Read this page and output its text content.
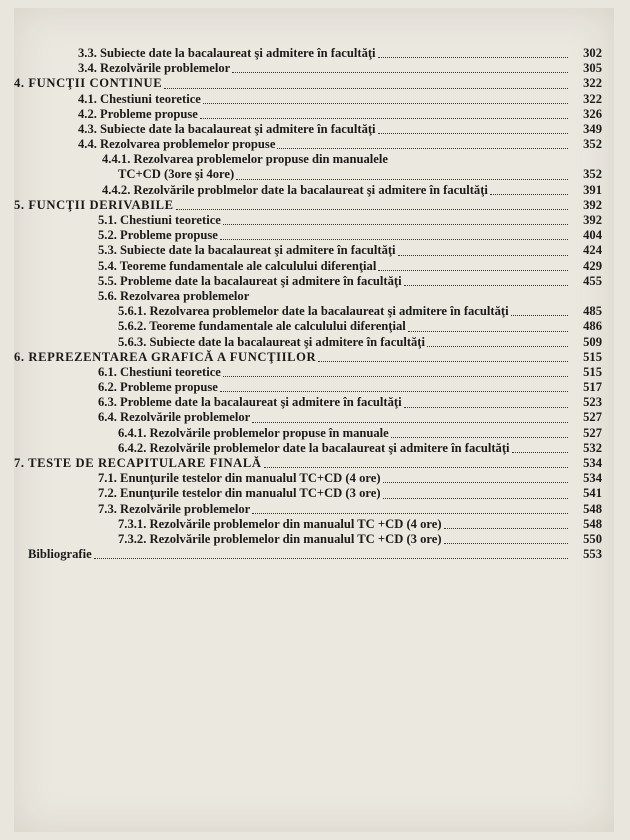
3.3. Subiecte date la bacalaureat şi admitere în facultăţi	302
3.4. Rezolvările problemelor	305
4. FUNCŢII CONTINUE	322
4.1. Chestiuni teoretice	322
4.2. Probleme propuse	326
4.3. Subiecte date la bacalaureat şi admitere în facultăţi	349
4.4. Rezolvarea problemelor propuse	352
4.4.1. Rezolvarea problemelor propuse din manualele
TC+CD (3ore şi 4ore)	352
4.4.2. Rezolvările problmelor date la bacalaureat şi admitere în facultăţi	391
5. FUNCŢII DERIVABILE	392
5.1. Chestiuni teoretice	392
5.2. Probleme propuse	404
5.3. Subiecte date la bacalaureat şi admitere în facultăţi	424
5.4. Teoreme fundamentale ale calculului diferenţial	429
5.5. Probleme date la bacalaureat şi admitere în facultăţi	455
5.6. Rezolvarea problemelor
5.6.1. Rezolvarea problemelor date la bacalaureat şi admitere în facultăţi	485
5.6.2. Teoreme fundamentale ale calculului diferenţial	486
5.6.3. Subiecte date la bacalaureat şi admitere în facultăţi	509
6. REPREZENTAREA GRAFICĂ A FUNCŢIILOR	515
6.1. Chestiuni teoretice	515
6.2. Probleme propuse	517
6.3. Probleme date la bacalaureat şi admitere în facultăţi	523
6.4. Rezolvările problemelor	527
6.4.1. Rezolvările problemelor propuse în manuale	527
6.4.2. Rezolvările problemelor date la bacalaureat şi admitere în facultăţi	532
7. TESTE DE RECAPITULARE FINALĂ	534
7.1. Enunţurile testelor din manualul TC+CD (4 ore)	534
7.2. Enunţurile testelor din manualul TC+CD (3 ore)	541
7.3. Rezolvările problemelor	548
7.3.1. Rezolvările problemelor din manualul TC +CD (4 ore)	548
7.3.2. Rezolvările problemelor din manualul TC +CD (3 ore)	550
Bibliografie	553
